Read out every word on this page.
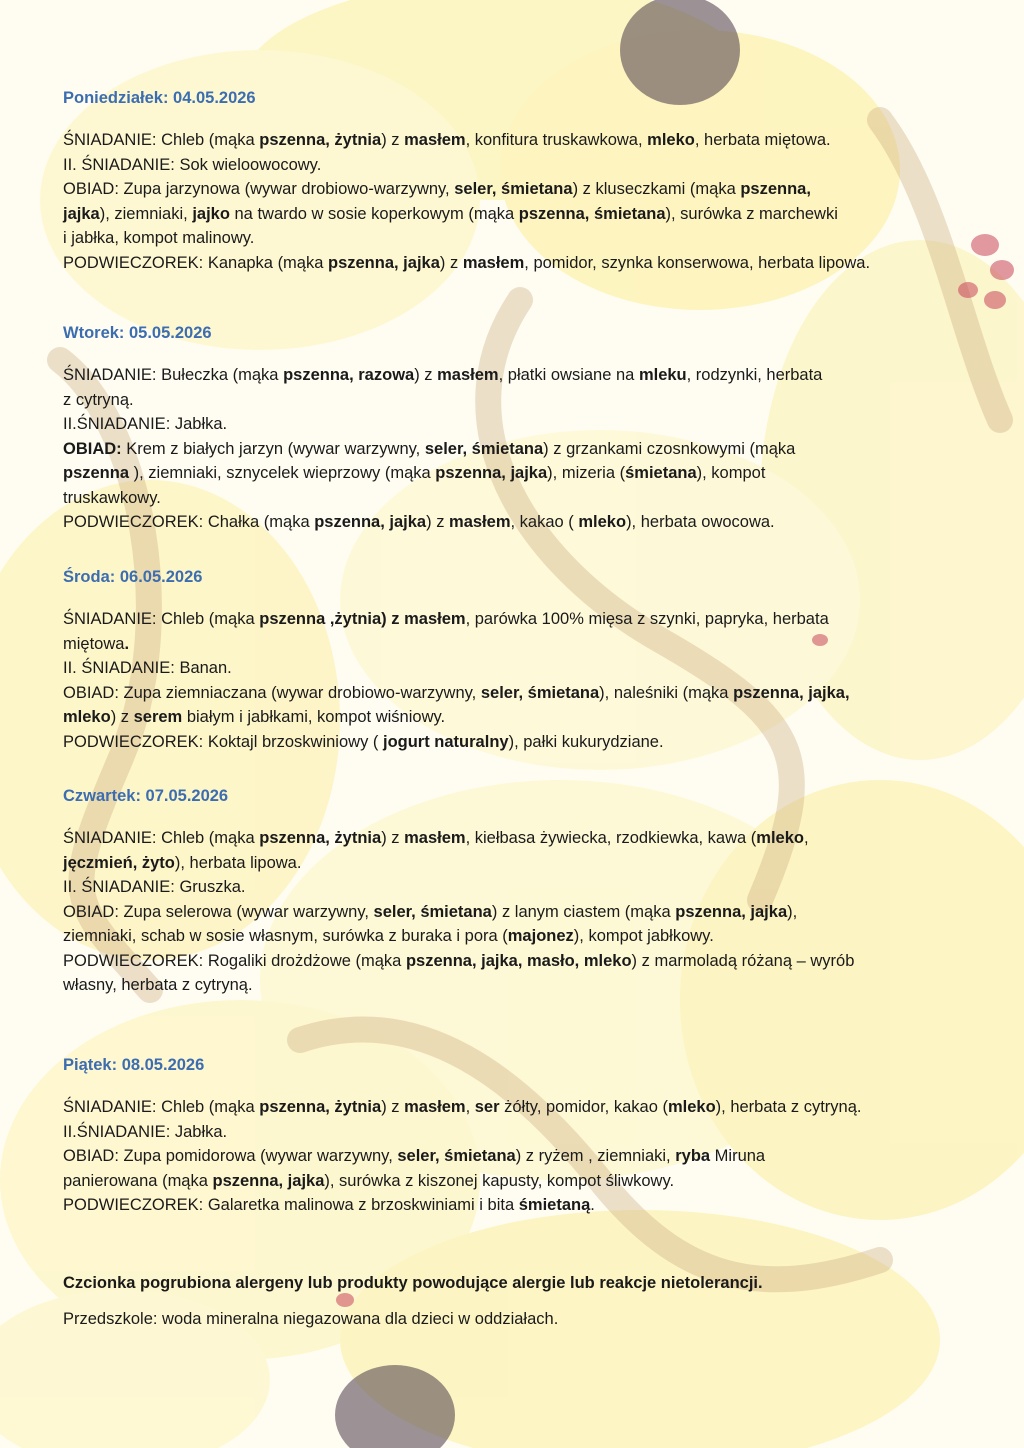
Poniedziałek: 04.05.2026
ŚNIADANIE: Chleb (mąka pszenna, żytnia) z masłem, konfitura truskawkowa, mleko, herbata miętowa.
II. ŚNIADANIE: Sok wieloowocowy.
OBIAD: Zupa jarzynowa (wywar drobiowo-warzywny, seler, śmietana) z kluseczkami (mąka pszenna,
jajka), ziemniaki, jajko na twardo w sosie koperkowym (mąka pszenna, śmietana), surówka z marchewki
i jabłka, kompot malinowy.
PODWIECZOREK: Kanapka (mąka pszenna, jajka) z masłem, pomidor, szynka konserwowa, herbata lipowa.
Wtorek: 05.05.2026
ŚNIADANIE: Bułeczka (mąka pszenna, razowa) z masłem, płatki owsiane na mleku, rodzynki, herbata
z cytryną.
II.ŚNIADANIE: Jabłka.
OBIAD: Krem z białych jarzyn (wywar warzywny, seler, śmietana) z grzankami czosnkowymi (mąka
pszenna ), ziemniaki, sznycelek wieprzowy (mąka pszenna, jajka), mizeria (śmietana), kompot
truskawkowy.
PODWIECZOREK: Chałka (mąka pszenna, jajka) z masłem, kakao ( mleko), herbata owocowa.
Środa: 06.05.2026
ŚNIADANIE: Chleb (mąka pszenna ,żytnia) z masłem, parówka 100% mięsa z szynki, papryka, herbata
miętowa.
II. ŚNIADANIE: Banan.
OBIAD: Zupa ziemniaczana (wywar drobiowo-warzywny, seler, śmietana), naleśniki (mąka pszenna, jajka,
mleko) z serem białym i jabłkami, kompot wiśniowy.
PODWIECZOREK: Koktajl brzoskwiniowy ( jogurt naturalny), pałki kukurydziane.
Czwartek: 07.05.2026
ŚNIADANIE: Chleb (mąka pszenna, żytnia) z masłem, kiełbasa żywiecka, rzodkiewka, kawa (mleko,
jęczmień, żyto), herbata lipowa.
II. ŚNIADANIE: Gruszka.
OBIAD: Zupa selerowa (wywar warzywny, seler, śmietana) z lanym ciastem (mąka pszenna, jajka),
ziemniaki, schab w sosie własnym, surówka z buraka i pora (majonez), kompot jabłkowy.
PODWIECZOREK: Rogaliki drożdżowe (mąka pszenna, jajka, masło, mleko) z marmoladą różaną – wyrób
własny, herbata z cytryną.
Piątek: 08.05.2026
ŚNIADANIE: Chleb (mąka pszenna, żytnia) z masłem, ser żółty, pomidor, kakao (mleko), herbata z cytryną.
II.ŚNIADANIE: Jabłka.
OBIAD: Zupa pomidorowa (wywar warzywny, seler, śmietana) z ryżem , ziemniaki, ryba Miruna
panierowana (mąka pszenna, jajka), surówka z kiszonej kapusty, kompot śliwkowy.
PODWIECZOREK: Galaretka malinowa z brzoskwiniami i bita śmietaną.
Czcionka pogrubiona alergeny lub produkty powodujące alergie lub reakcje nietolerancji.
Przedszkole: woda mineralna niegazowana dla dzieci w oddziałach.
